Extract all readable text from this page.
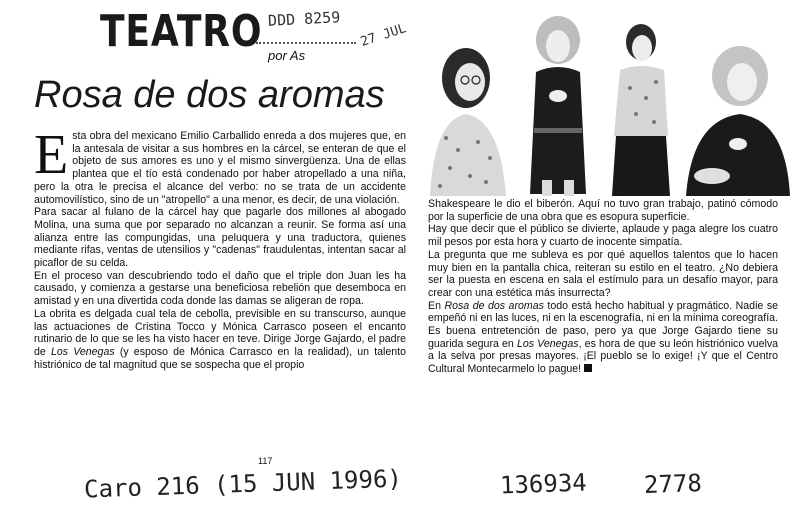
TEATRO por As
DDD 8259
27 JUL
Rosa de dos aromas
E sta obra del mexicano Emilio Carballido enreda a dos mujeres que, en la antesala de visitar a sus hombres en la cárcel, se enteran de que el objeto de sus amores es uno y el mismo sinvergüenza. Una de ellas plantea que el tío está condenado por haber atropellado a una niña, pero la otra le precisa el alcance del verbo: no se trata de un accidente automovilístico, sino de un "atropello" a una menor, es decir, de una violación.

Para sacar al fulano de la cárcel hay que pagarle dos millones al abogado Molina, una suma que por separado no alcanzan a reunir. Se forma así una alianza entre las compungidas, una peluquera y una traductora, quienes mediante rifas, ventas de utensilios y "cadenas" fraudulentas, intentan sacar al picaflor de su celda.

En el proceso van descubriendo todo el daño que el triple don Juan les ha causado, y comienza a gestarse una beneficiosa rebelión que desemboca en amistad y en una divertida coda donde las damas se aligeran de ropa.

La obrita es delgada cual tela de cebolla, previsible en su transcurso, aunque las actuaciones de Cristina Tocco y Mónica Carrasco poseen el encanto rutinario de lo que se les ha visto hacer en teve. Dirige Jorge Gajardo, el padre de Los Venegas (y esposo de Mónica Carrasco en la realidad), un talento histriónico de tal magnitud que se sospecha que el propio

117

Shakespeare le dio el biberón. Aquí no tuvo gran trabajo, patinó cómodo por la superficie de una obra que es esopura superficie.

Hay que decir que el público se divierte, aplaude y paga alegre los cuatro mil pesos por esta hora y cuarto de inocente simpatía.

La pregunta que me subleva es por qué aquellos talentos que lo hacen muy bien en la pantalla chica, reiteran su estilo en el teatro. ¿No debiera ser la puesta en escena en sala el estímulo para un desafío mayor, para crear con una estética más insurrecta?

En Rosa de dos aromas todo está hecho habitual y pragmático. Nadie se empeñó ni en las luces, ni en la escenografía, ni en la mínima coreografía. Es buena entretención de paso, pero ya que Jorge Gajardo tiene su guarida segura en Los Venegas, es hora de que su león histriónico vuelva a la selva por presas mayores. ¡El pueblo se lo exige! ¡Y que el Centro Cultural Montecarmelo lo pague!

Caro 216 (15 JUN 1996)	136934 2778
